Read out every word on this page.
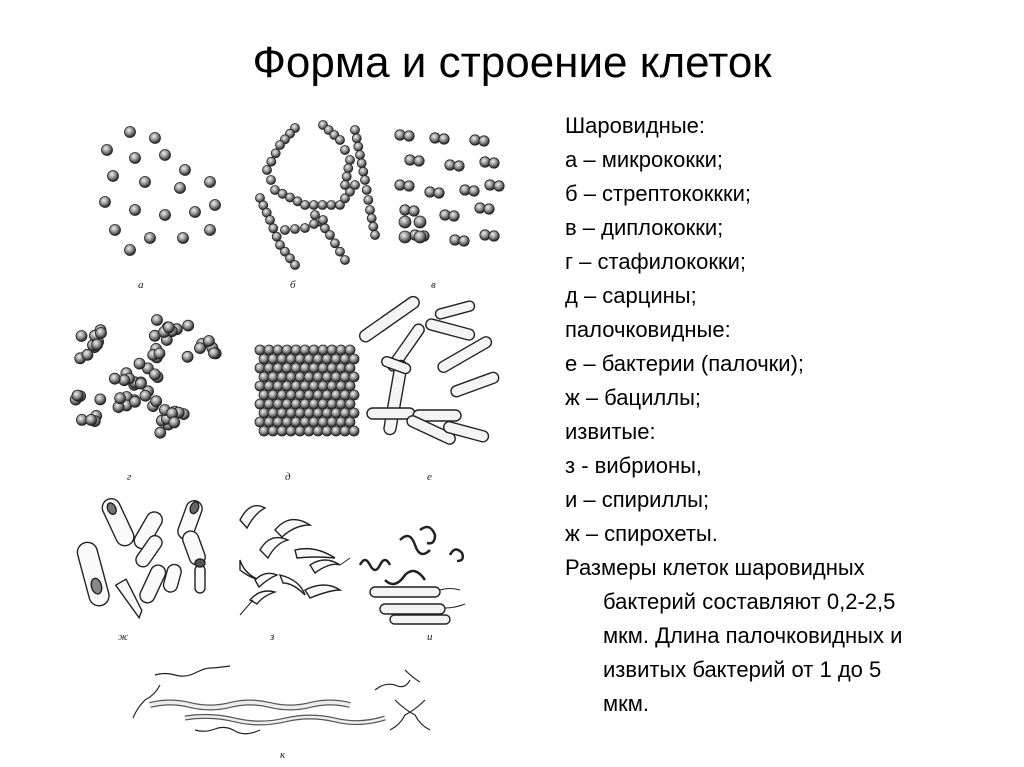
Форма и строение клеток
а	б	в
г	д	е
ж	з	и
к
Шаровидные:
а – микрококки;
б – стрептококкки;
в – диплококки;
г – стафилококки;
д – сарцины;
палочковидные:
е – бактерии (палочки);
ж – бациллы;
извитые:
з - вибрионы,
и – спириллы;
ж – спирохеты.
Размеры клеток шаровидных
бактерий составляют 0,2-2,5
мкм. Длина палочковидных и
извитых бактерий от 1 до 5
мкм.
